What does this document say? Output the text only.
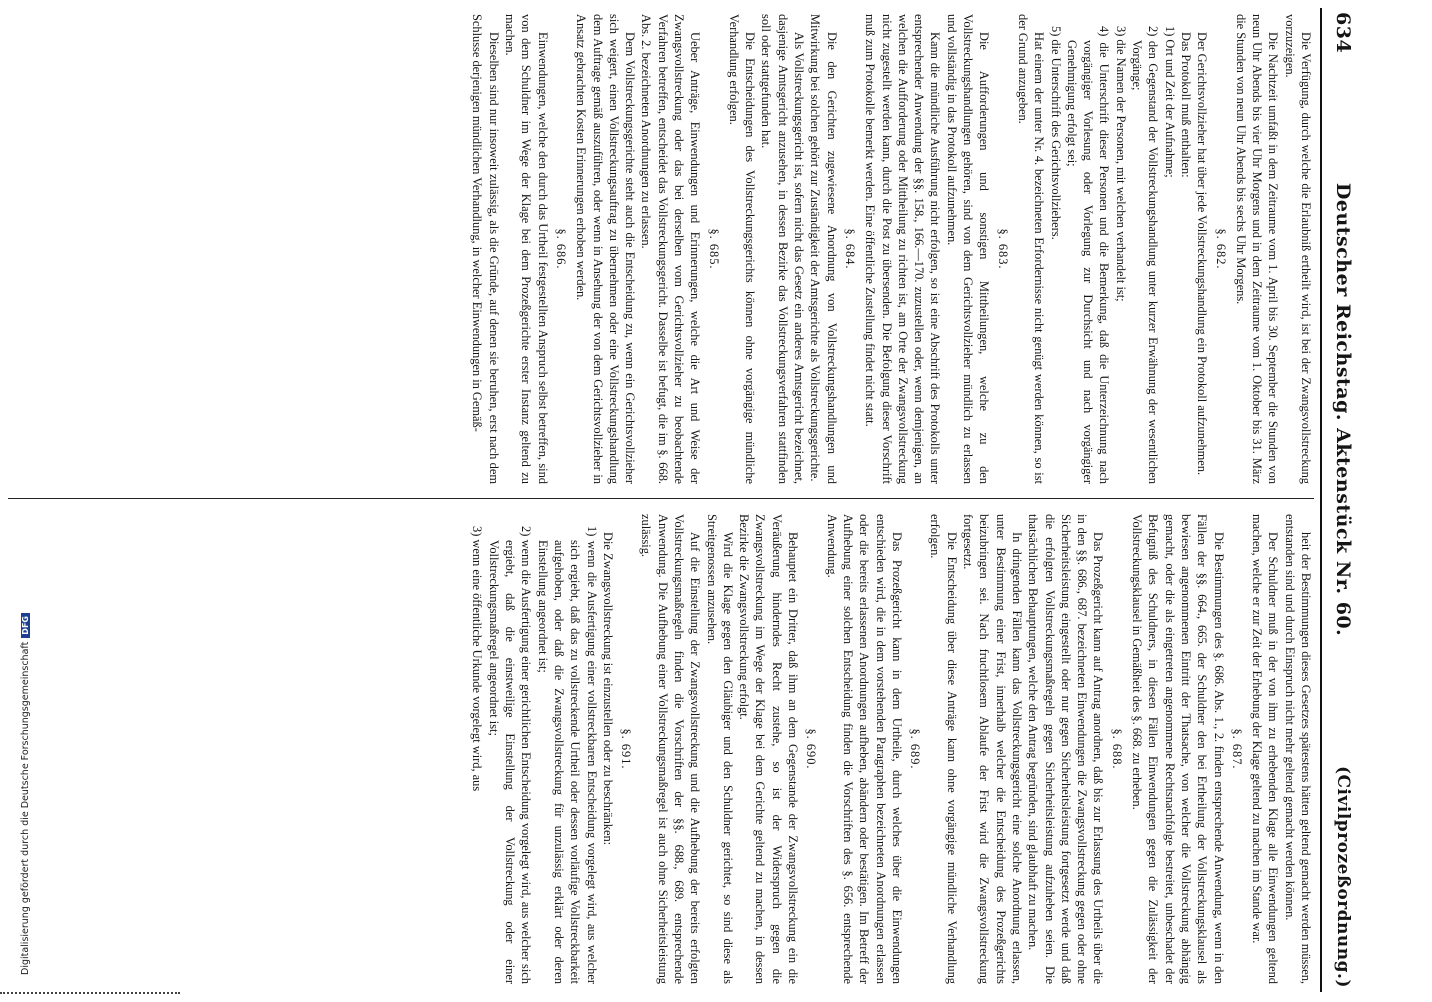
634
Deutscher Reichstag. Aktenstück Nr. 60.
(Civilprozeßordnung.)

Die Verfügung, durch welche die Erlaubniß ertheilt wird, ist bei der Zwangsvollstreckung vorzuzeigen.

Die Nachtzeit umfaßt in dem Zeitraume vom 1. April bis 30. September die Stunden von neun Uhr Abends bis vier Uhr Morgens und in dem Zeitraume vom 1. Oktober bis 31. März die Stunden von neun Uhr Abends bis sechs Uhr Morgens.

§. 682.

Der Gerichtsvollzieher hat über jede Vollstreckungshandlung ein Protokoll aufzunehmen.

Das Protokoll muß enthalten:

1) Ort und Zeit der Aufnahme;

2) den Gegenstand der Vollstreckungshandlung unter kurzer Erwähnung der wesentlichen Vorgänge;

3) die Namen der Personen, mit welchen verhandelt ist;

4) die Unterschrift dieser Personen und die Bemerkung, daß die Unterzeichnung nach vorgängiger Vorlesung oder Vorlegung zur Durchsicht und nach vorgängiger Genehmigung erfolgt sei;

5) die Unterschrift des Gerichtsvollziehers.

Hat einem der unter Nr. 4. bezeichneten Erfordernisse nicht genügt werden können, so ist der Grund anzugeben.

§. 683.

Die Aufforderungen und sonstigen Mittheilungen, welche zu den Vollstreckungshandlungen gehören, sind von dem Gerichtsvollzieher mündlich zu erlassen und vollständig in das Protokoll aufzunehmen.

Kann die mündliche Ausführung nicht erfolgen, so ist eine Abschrift des Protokolls unter entsprechender Anwendung der §§. 158., 166.—170. zuzustellen oder, wenn demjenigen, an welchen die Aufforderung oder Mittheilung zu richten ist, am Orte der Zwangsvollstreckung nicht zugestellt werden kann, durch die Post zu übersenden. Die Befolgung dieser Vorschrift muß zum Protokolle bemerkt werden. Eine öffentliche Zustellung findet nicht statt.

§. 684.

Die den Gerichten zugewiesene Anordnung von Vollstreckungshandlungen und Mitwirkung bei solchen gehört zur Zuständigkeit der Amtsgerichte als Vollstreckungsgerichte.

Als Vollstreckungsgericht ist, sofern nicht das Gesetz ein anderes Amtsgericht bezeichnet, dasjenige Amtsgericht anzusehen, in dessen Bezirke das Vollstreckungsverfahren stattfinden soll oder stattgefunden hat.

Die Entscheidungen des Vollstreckungsgerichts können ohne vorgängige mündliche Verhandlung erfolgen.

§. 685.

Ueber Anträge, Einwendungen und Erinnerungen, welche die Art und Weise der Zwangsvollstreckung oder das bei derselben vom Gerichtsvollzieher zu beobachtende Verfahren betreffen, entscheidet das Vollstreckungsgericht. Dasselbe ist befugt, die im §. 668. Abs. 2. bezeichneten Anordnungen zu erlassen.

Dem Vollstreckungsgerichte steht auch die Entscheidung zu, wenn ein Gerichtsvollzieher sich weigert, einen Vollstreckungsauftrag zu übernehmen oder eine Vollstreckungshandlung dem Auftrage gemäß auszuführen, oder wenn in Ansehung der von dem Gerichtsvollzieher in Ansatz gebrachten Kosten Erinnerungen erhoben werden.

§. 686.

Einwendungen, welche den durch das Urtheil festgestellten Anspruch selbst betreffen, sind von dem Schuldner im Wege der Klage bei dem Prozeßgerichte erster Instanz geltend zu machen.

Dieselben sind nur insoweit zulässig, als die Gründe, auf denen sie beruhen, erst nach dem Schlusse derjenigen mündlichen Verhandlung, in welcher Einwendungen in Gemäß-

heit der Bestimmungen dieses Gesetzes spätestens hätten geltend gemacht werden müssen, entstanden sind und durch Einspruch nicht mehr geltend gemacht werden können.

Der Schuldner muß in der von ihm zu erhebenden Klage alle Einwendungen geltend machen, welche er zur Zeit der Erhebung der Klage geltend zu machen im Stande war.

§. 687.

Die Bestimmungen des §. 686. Abs. 1., 2. finden entsprechende Anwendung, wenn in den Fällen der §§. 664., 665. der Schuldner den bei Ertheilung der Vollstreckungsklausel als bewiesen angenommenen Eintritt der Thatsache, von welcher die Vollstreckung abhängig gemacht, oder die als eingetreten angenommene Rechtsnachfolge bestreitet, unbeschadet der Befugniß des Schuldners, in diesen Fällen Einwendungen gegen die Zulässigkeit der Vollstreckungsklausel in Gemäßheit des §. 668. zu erheben.

§. 688.

Das Prozeßgericht kann auf Antrag anordnen, daß bis zur Erlassung des Urtheils über die in den §§. 686., 687. bezeichneten Einwendungen die Zwangsvollstreckung gegen oder ohne Sicherheitsleistung eingestellt oder nur gegen Sicherheitsleistung fortgesetzt werde und daß die erfolgten Vollstreckungsmaßregeln gegen Sicherheitsleistung aufzuheben seien. Die thatsächlichen Behauptungen, welche den Antrag begründen, sind glaubhaft zu machen.

In dringenden Fällen kann das Vollstreckungsgericht eine solche Anordnung erlassen, unter Bestimmung einer Frist, innerhalb welcher die Entscheidung des Prozeßgerichts beizubringen sei. Nach fruchtlosem Ablaufe der Frist wird die Zwangsvollstreckung fortgesetzt.

Die Entscheidung über diese Anträge kann ohne vorgängige mündliche Verhandlung erfolgen.

§. 689.

Das Prozeßgericht kann in dem Urtheile, durch welches über die Einwendungen entschieden wird, die in dem vorstehenden Paragraphen bezeichneten Anordnungen erlassen oder die bereits erlassenen Anordnungen aufheben, abändern oder bestätigen. Im Betreff der Aufhebung einer solchen Entscheidung finden die Vorschriften des §. 656. entsprechende Anwendung.

§. 690.

Behauptet ein Dritter, daß ihm an dem Gegenstande der Zwangsvollstreckung ein die Veräußerung hinderndes Recht zustehe, so ist der Widerspruch gegen die Zwangsvollstreckung im Wege der Klage bei dem Gerichte geltend zu machen, in dessen Bezirke die Zwangsvollstreckung erfolgt.

Wird die Klage gegen den Gläubiger und den Schuldner gerichtet, so sind diese als Streitgenossen anzusehen.

Auf die Einstellung der Zwangsvollstreckung und die Aufhebung der bereits erfolgten Vollstreckungsmaßregeln finden die Vorschriften der §§. 688., 689. entsprechende Anwendung. Die Aufhebung einer Vollstreckungsmaßregel ist auch ohne Sicherheitsleistung zulässig.

§. 691.

Die Zwangsvollstreckung ist einzustellen oder zu beschränken:

1) wenn die Ausfertigung einer vollstreckbaren Entscheidung vorgelegt wird, aus welcher sich ergiebt, daß das zu vollstreckende Urtheil oder dessen vorläufige Vollstreckbarkeit aufgehoben, oder daß die Zwangsvollstreckung für unzulässig erklärt oder deren Einstellung angeordnet ist;

2) wenn die Ausfertigung einer gerichtlichen Entscheidung vorgelegt wird, aus welcher sich ergiebt, daß die einstweilige Einstellung der Vollstreckung oder einer Vollstreckungsmaßregel angeordnet ist;

3) wenn eine öffentliche Urkunde vorgelegt wird, aus

Digitalisierung gefördert durch die Deutsche ForschungsgemeinschaftDFG
